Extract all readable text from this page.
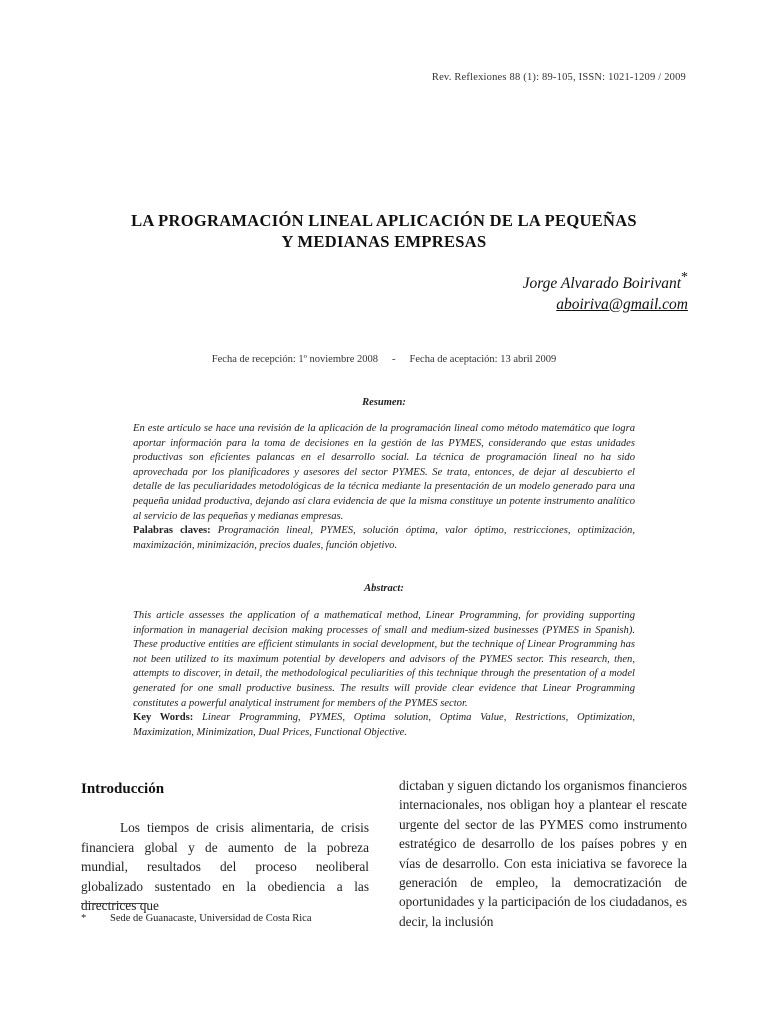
Rev. Reflexiones 88 (1): 89-105, ISSN: 1021-1209 / 2009
LA PROGRAMACIÓN LINEAL APLICACIÓN DE LA PEQUEÑAS
Y MEDIANAS EMPRESAS
Jorge Alvarado Boirivant*
aboiriva@gmail.com
Fecha de recepción: 1º noviembre 2008 - Fecha de aceptación: 13 abril 2009
Resumen:

En este artículo se hace una revisión de la aplicación de la programación lineal como método matemático que logra aportar información para la toma de decisiones en la gestión de las PYMES, considerando que estas unidades productivas son eficientes palancas en el desarrollo social. La técnica de programación lineal no ha sido aprovechada por los planificadores y asesores del sector PYMES. Se trata, entonces, de dejar al descubierto el detalle de las peculiaridades metodológicas de la técnica mediante la presentación de un modelo generado para una pequeña unidad productiva, dejando así clara evidencia de que la misma constituye un potente instrumento analítico al servicio de las pequeñas y medianas empresas.

Palabras claves: Programación lineal, PYMES, solución óptima, valor óptimo, restricciones, optimización, maximización, minimización, precios duales, función objetivo.

Abstract:

This article assesses the application of a mathematical method, Linear Programming, for providing supporting information in managerial decision making processes of small and medium-sized businesses (PYMES in Spanish). These productive entities are efficient stimulants in social development, but the technique of Linear Programming has not been utilized to its maximum potential by developers and advisors of the PYMES sector. This research, then, attempts to discover, in detail, the methodological peculiarities of this technique through the presentation of a model generated for one small productive business. The results will provide clear evidence that Linear Programming constitutes a powerful analytical instrument for members of the PYMES sector.

Key Words: Linear Programming, PYMES, Optima solution, Optima Value, Restrictions, Optimization, Maximization, Minimization, Dual Prices, Functional Objective.

Introducción

Los tiempos de crisis alimentaria, de crisis financiera global y de aumento de la pobreza mundial, resultados del proceso neoliberal globalizado sustentado en la obediencia a las directrices que

dictaban y siguen dictando los organismos financieros internacionales, nos obligan hoy a plantear el rescate urgente del sector de las PYMES como instrumento estratégico de desarrollo de los países pobres y en vías de desarrollo. Con esta iniciativa se favorece la generación de empleo, la democratización de oportunidades y la participación de los ciudadanos, es decir, la inclusión

* Sede de Guanacaste, Universidad de Costa Rica
